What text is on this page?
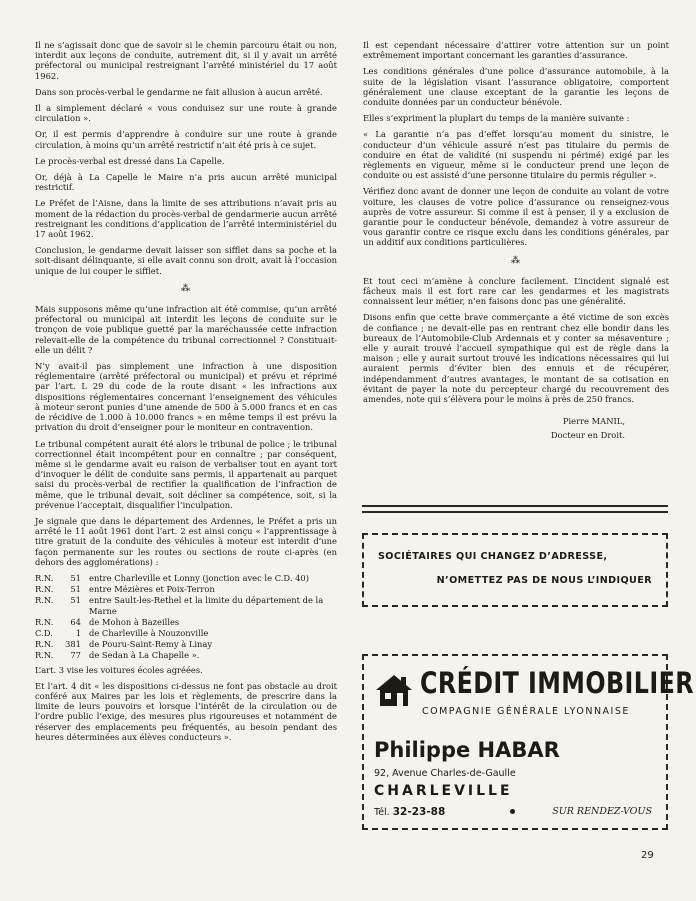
Il ne s’agissait donc que de savoir si le chemin parcouru était ou non, interdit aux leçons de conduite, autrement dit, si il y avait un arrêté préfectoral ou municipal restreignant l’arrêté ministériel du 17 août 1962.

Dans son procès-verbal le gendarme ne fait allusion à aucun arrêté.

Il a simplement déclaré « vous conduisez sur une route à grande circulation ».

Or, il est permis d’apprendre à conduire sur une route à grande circulation, à moins qu’un arrêté restrictif n’ait été pris à ce sujet.

Le procès-verbal est dressé dans La Capelle.

Or, déjà à La Capelle le Maire n’a pris aucun arrêté municipal restrictif.

Le Préfet de l’Aisne, dans la limite de ses attributions n’avait pris au moment de la rédaction du procès-verbal de gendarmerie aucun arrêté restreignant les conditions d’application de l’arrêté interministériel du 17 août 1962.

Conclusion, le gendarme devait laisser son sifflet dans sa poche et la soit-disant délinquante, si elle avait connu son droit, avait là l’occasion unique de lui couper le sifflet.

⁂

Mais supposons même qu’une infraction ait été commise, qu’un arrêté préfectoral ou municipal ait interdit les leçons de conduite sur le tronçon de voie publique guetté par la maréchaussée cette infraction relevait-elle de la compétence du tribunal correctionnel ? Constituait-elle un délit ?

N’y avait-il pas simplement une infraction à une disposition réglementaire (arrêté préfectoral ou municipal) et prévu et réprimé par l’art. L 29 du code de la route disant « les infractions aux dispositions réglementaires concernant l’enseignement des véhicules à moteur seront punies d’une amende de 500 à 5.000 francs et en cas de récidive de 1.000 à 10.000 francs » en même temps il est prévu la privation du droit d’enseigner pour le moniteur en contravention.

Le tribunal compétent aurait été alors le tribunal de police ; le tribunal correctionnel était incompétent pour en connaître ; par conséquent, même si le gendarme avait eu raison de verbaliser tout en ayant tort d’invoquer le délit de conduite sans permis, il appartenait au parquet saisi du procès-verbal de rectifier la qualification de l’infraction de même, que le tribunal devait, soit décliner sa compétence, soit, si la prévenue l’acceptait, disqualifier l’inculpation.

Je signale que dans le département des Ardennes, le Préfet a pris un arrêté le 11 août 1961 dont l’art. 2 est ainsi conçu « l’apprentissage à titre gratuit de la conduite des véhicules à moteur est interdit d’une façon permanente sur les routes ou sections de route ci-après (en dehors des agglomérations) :

R.N.	51	entre Charleville et Lonny (jonction avec le C.D. 40)
R.N.	51	entre Mézières et Poix-Terron
R.N.	51	entre Sault-les-Rethel et la limite du département de la Marne
R.N.	64	de Mohon à Bazeilles
C.D.	1	de Charleville à Nouzonville
R.N.	381	de Pouru-Saint-Remy à Linay
R.N.	77	de Sedan à La Chapelle ».

L’art. 3 vise les voitures écoles agréées.

Et l’art. 4 dit « les dispositions ci-dessus ne font pas obstacle au droit conféré aux Maires par les lois et règlements, de prescrire dans la limite de leurs pouvoirs et lorsque l’intérêt de la circulation ou de l’ordre public l’exige, des mesures plus rigoureuses et notamment de réserver des emplacements peu fréquentés, au besoin pendant des heures déterminées aux élèves conducteurs ».

Il est cependant nécessaire d’attirer votre attention sur un point extrêmement important concernant les garanties d’assurance.

Les conditions générales d’une police d’assurance automobile, à la suite de la législation visant l’assurance obligatoire, comportent généralement une clause exceptant de la garantie les leçons de conduite données par un conducteur bénévole.

Elles s’expriment la pluplart du temps de la manière suivante :

« La garantie n’a pas d’effet lorsqu’au moment du sinistre, le conducteur d’un véhicule assuré n’est pas titulaire du permis de conduire en état de validité (ni suspendu ni périmé) exigé par les règlements en vigueur, même si le conducteur prend une leçon de conduite ou est assisté d’une personne titulaire du permis régulier ».

Vérifiez donc avant de donner une leçon de conduite au volant de votre voiture, les clauses de votre police d’assurance ou renseignez-vous auprès de votre assureur. Si comme il est à penser, il y a exclusion de garantie pour le conducteur bénévole, demandez à votre assureur de vous garantir contre ce risque exclu dans les conditions générales, par un additif aux conditions particulières.

⁂

Et tout ceci m’amène à conclure facilement. L’incident signalé est fâcheux mais il est fort rare car les gendarmes et les magistrats connaissent leur métier, n’en faisons donc pas une généralité.

Disons enfin que cette brave commerçante a été victime de son excès de confiance ; ne devait-elle pas en rentrant chez elle bondir dans les bureaux de l’Automobile-Club Ardennais et y conter sa mésaventure ; elle y aurait trouvé l’accueil sympathique qui est de règle dans la maison ; elle y aurait surtout trouvé les indications nécessaires qui lui auraient permis d’éviter bien des ennuis et de récupérer, indépendamment d’autres avantages, le montant de sa cotisation en évitant de payer la note du percepteur chargé du recouvrement des amendes, note qui s’élèvera pour le moins à près de 250 francs.

Pierre MANIL,
Docteur en Droit.
SOCIÉTAIRES QUI CHANGEZ D’ADRESSE,
N’OMETTEZ PAS DE NOUS L’INDIQUER
CRÉDIT IMMOBILIER
COMPAGNIE GÉNÉRALE LYONNAISE
Philippe HABAR
92, Avenue Charles-de-Gaulle
CHARLEVILLE
Tél. 32-23-88	SUR RENDEZ-VOUS
29
